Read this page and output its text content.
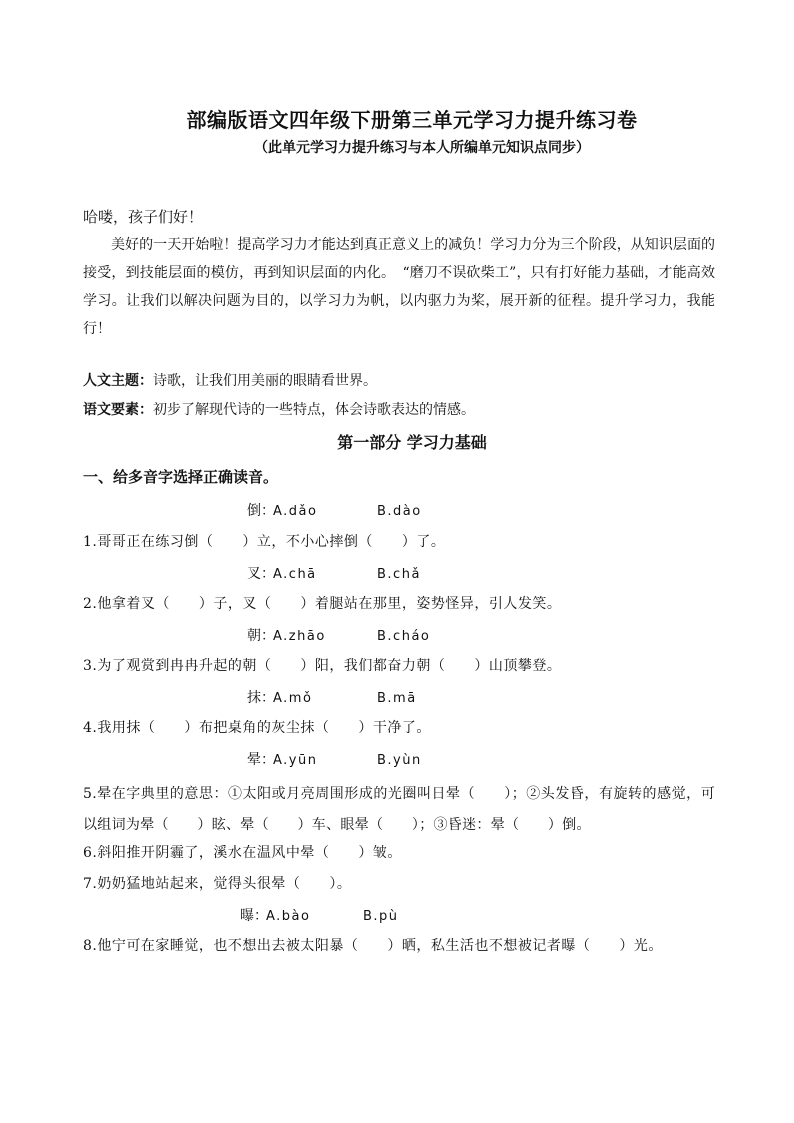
部编版语文四年级下册第三单元学习力提升练习卷
（此单元学习力提升练习与本人所编单元知识点同步）
哈喽，孩子们好！
美好的一天开始啦！提高学习力才能达到真正意义上的减负！学习力分为三个阶段，从知识层面的接受，到技能层面的模仿，再到知识层面的内化。　“磨刀不误砍柴工”，只有打好能力基础，才能高效学习。让我们以解决问题为目的，以学习力为帆，以内驱力为桨，展开新的征程。提升学习力，我能行！
人文主题：诗歌，让我们用美丽的眼睛看世界。
语文要素：初步了解现代诗的一些特点，体会诗歌表达的情感。
第一部分 学习力基础
一、给多音字选择正确读音。
倒：A.dǎo	B.dào
1.哥哥正在练习倒（　　）立，不小心摔倒（　　）了。
叉：A.chā	B.chǎ
2.他拿着叉（　　）子，叉（　　）着腿站在那里，姿势怪异，引人发笑。
朝：A.zhāo	B.cháo
3.为了观赏到冉冉升起的朝（　　）阳，我们都奋力朝（　　）山顶攀登。
抹：A.mǒ	B.mā
4.我用抹（　　）布把桌角的灰尘抹（　　）干净了。
晕：A.yūn	B.yùn
5.晕在字典里的意思：①太阳或月亮周围形成的光圈叫日晕（　　）；②头发昏，有旋转的感觉，可以组词为晕（　　）眩、晕（　　）车、眼晕（　　）；③昏迷：晕（　　）倒。
6.斜阳推开阴霾了，溪水在温风中晕（　　）皱。
7.奶奶猛地站起来，觉得头很晕（　　）。
曝：A.bào	B.pù
8.他宁可在家睡觉，也不想出去被太阳暴（　　）晒，私生活也不想被记者曝（　　）光。
